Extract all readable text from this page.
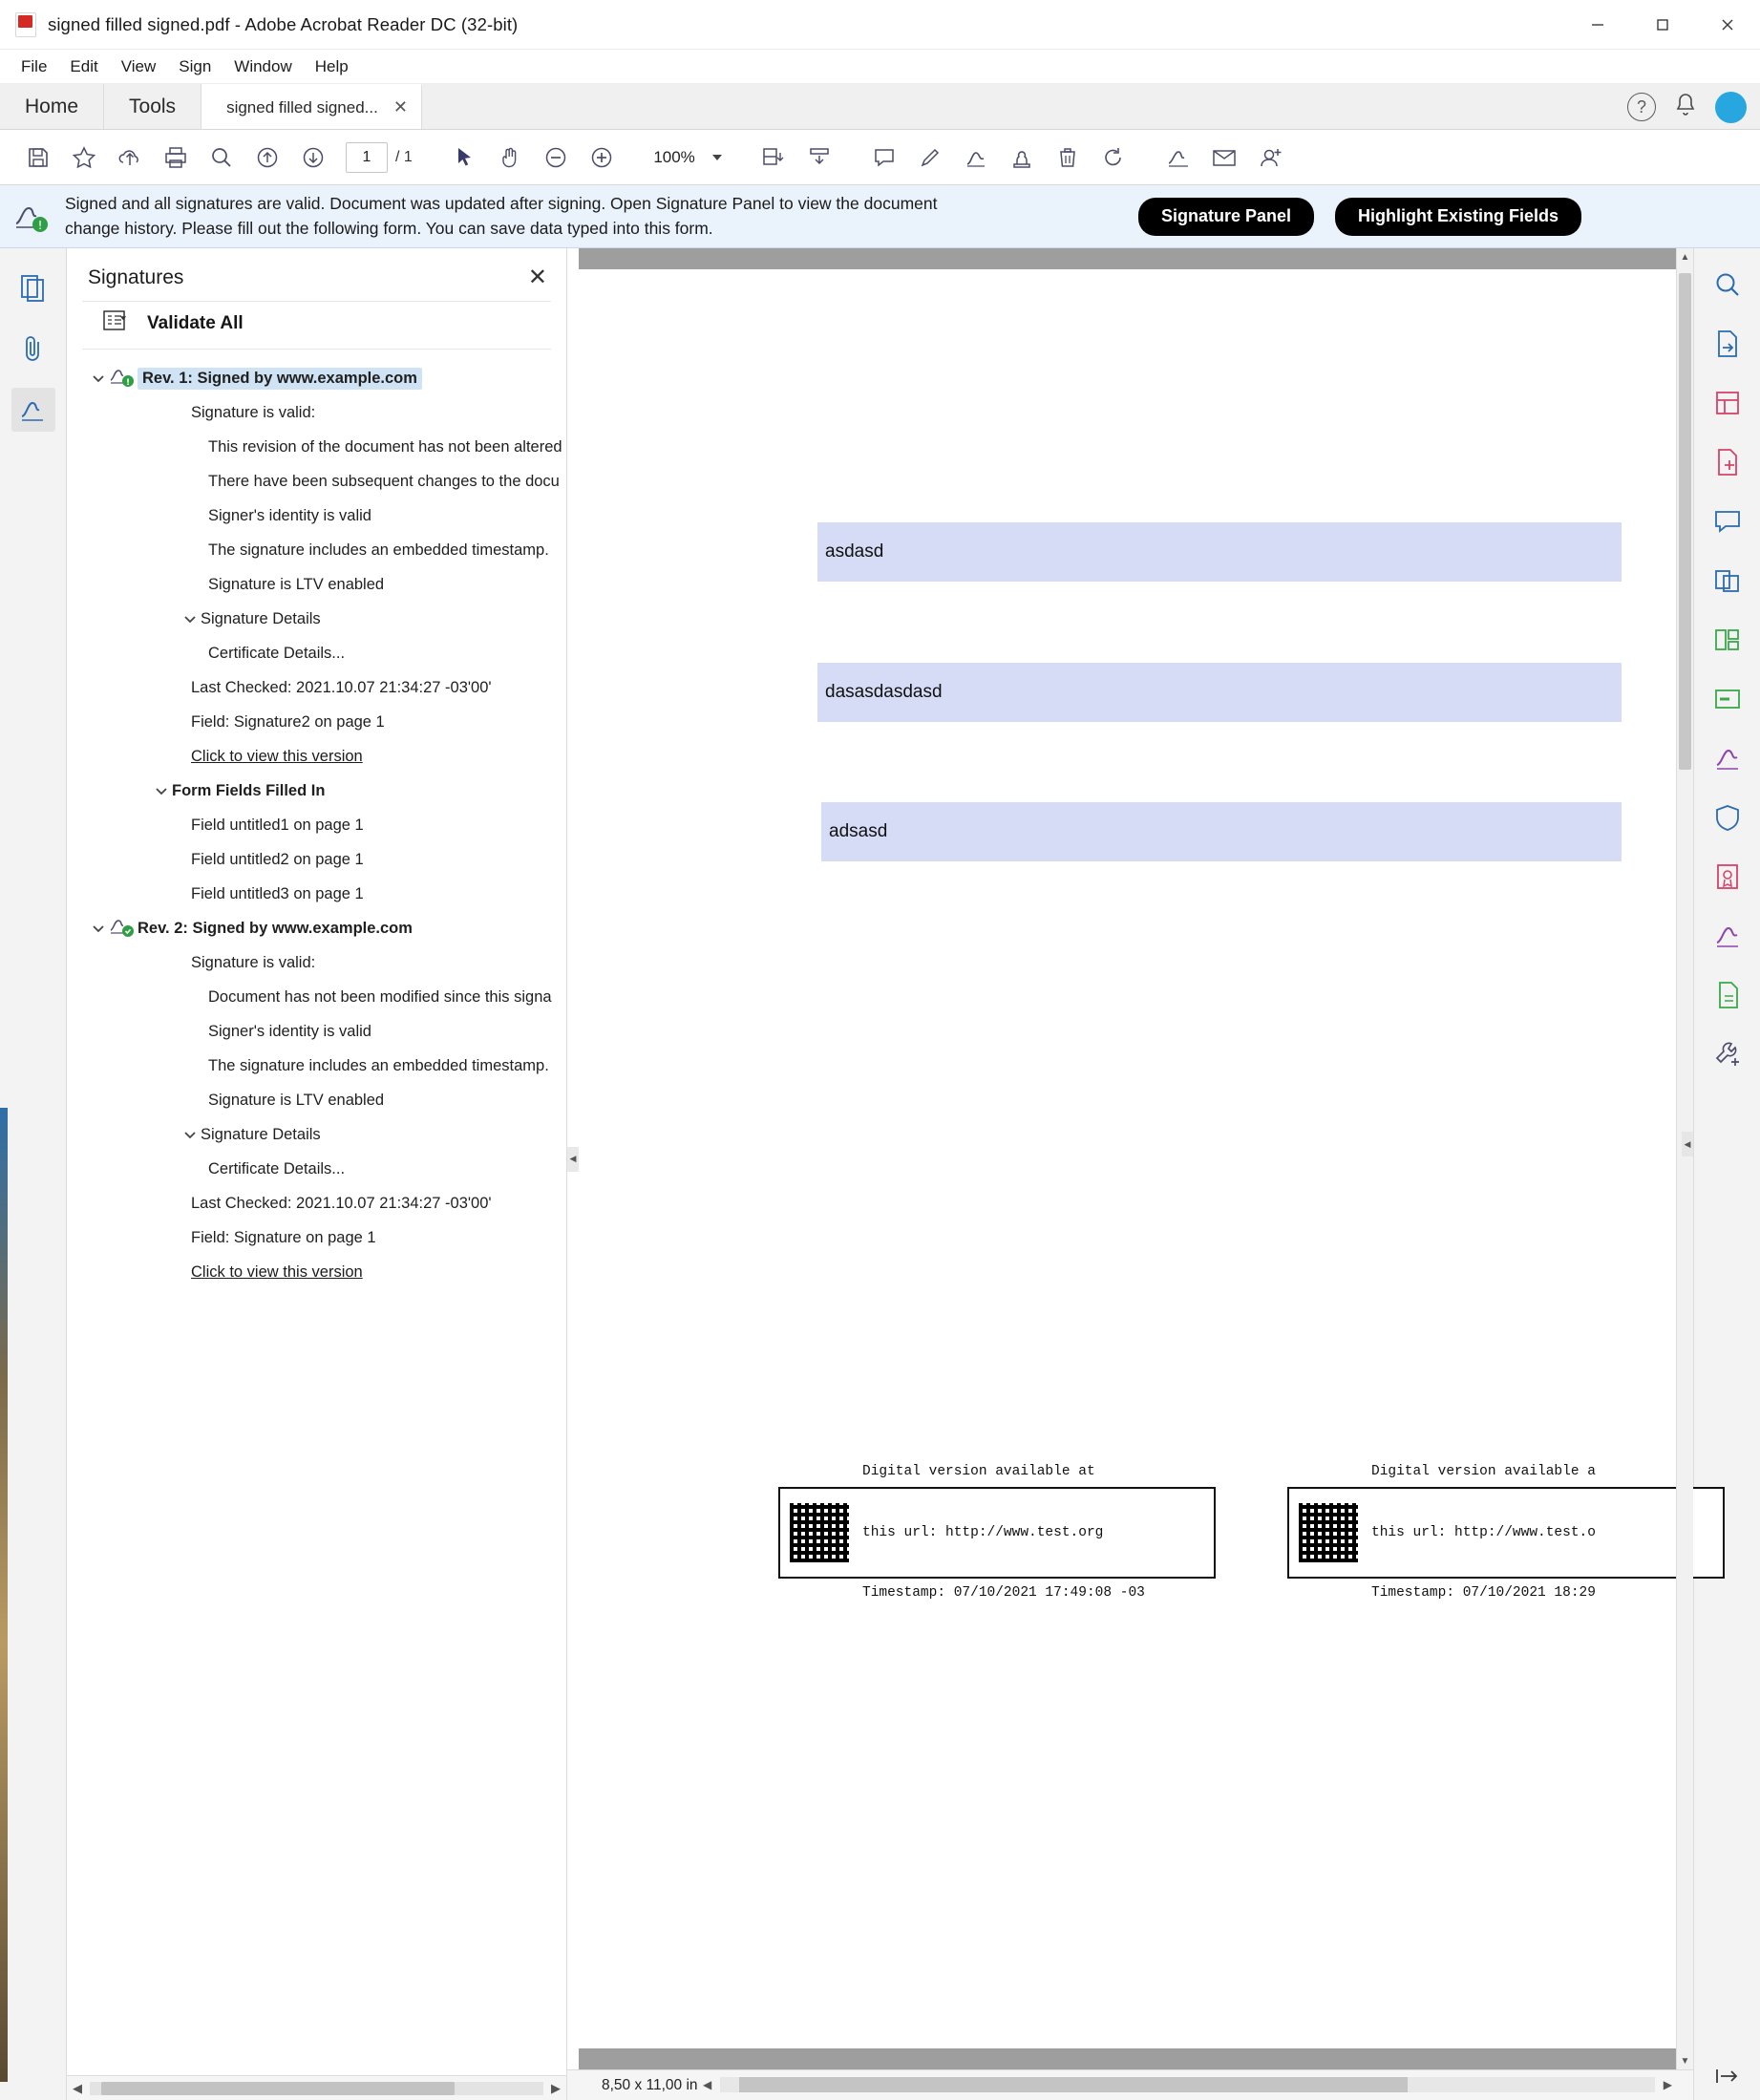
signed filled signed.pdf - Adobe Acrobat Reader DC (32-bit)
File	Edit	View	Sign	Window	Help
Home	Tools	signed filled signed... ✕	?
1
/ 1	100%
!
Signed and all signatures are valid. Document was updated after signing. Open Signature Panel to view the document
change history. Please fill out the following form. You can save data typed into this form.
Signature Panel	Highlight Existing Fields
Signatures	✕
Validate All
! Rev. 1: Signed by www.example.com
Signature is valid:
This revision of the document has not been altered
There have been subsequent changes to the docu
Signer's identity is valid
The signature includes an embedded timestamp.
Signature is LTV enabled
Signature Details
Certificate Details...
Last Checked: 2021.10.07 21:34:27 -03'00'
Field: Signature2 on page 1
Click to view this version
Form Fields Filled In
Field untitled1 on page 1
Field untitled2 on page 1
Field untitled3 on page 1
Rev. 2: Signed by www.example.com
Signature is valid:
Document has not been modified since this signa
Signer's identity is valid
The signature includes an embedded timestamp.
Signature is LTV enabled
Signature Details
Certificate Details...
Last Checked: 2021.10.07 21:34:27 -03'00'
Field: Signature on page 1
Click to view this version
◀	▶
◀
asdasd
dasasdasdasd
adsasd

Digital version available at

this url: http://www.test.org

Timestamp: 07/10/2021 17:49:08 -03

Digital version available a

this url: http://www.test.o

Timestamp: 07/10/2021 18:29

▲
▼
8,50 x 11,00 in ◀	▶
◀
